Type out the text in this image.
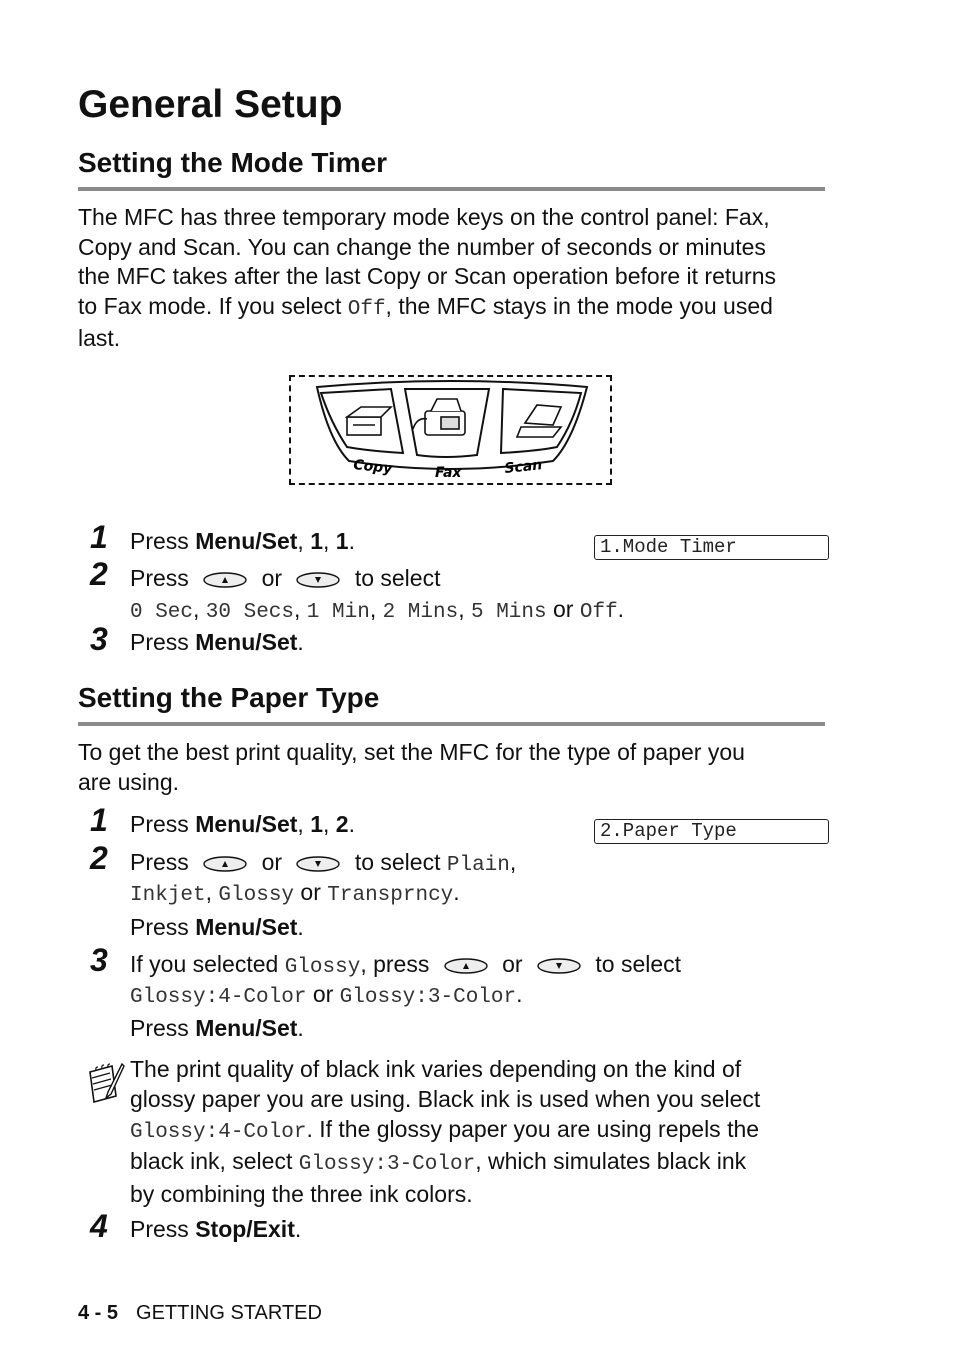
General Setup
Setting the Mode Timer
The MFC has three temporary mode keys on the control panel: Fax,
Copy and Scan. You can change the number of seconds or minutes
the MFC takes after the last Copy or Scan operation before it returns
to Fax mode. If you select Off, the MFC stays in the mode you used
last.
Copy	Fax	Scan
1 Press Menu/Set, 1, 1.	1.Mode Timer
2 Press	or	to select
0 Sec, 30 Secs, 1 Min, 2 Mins, 5 Mins or Off.
3 Press Menu/Set.
Setting the Paper Type
To get the best print quality, set the MFC for the type of paper you
are using.
1 Press Menu/Set, 1, 2.	2.Paper Type
2 Press	or	to select Plain,
Inkjet, Glossy or Transprncy.
Press Menu/Set.
3 If you selected Glossy, press	or	to select
Glossy:4-Color or Glossy:3-Color.
Press Menu/Set.
The print quality of black ink varies depending on the kind of
glossy paper you are using. Black ink is used when you select
Glossy:4-Color. If the glossy paper you are using repels the
black ink, select Glossy:3-Color, which simulates black ink
by combining the three ink colors.
4 Press Stop/Exit.
4 - 5 GETTING STARTED
